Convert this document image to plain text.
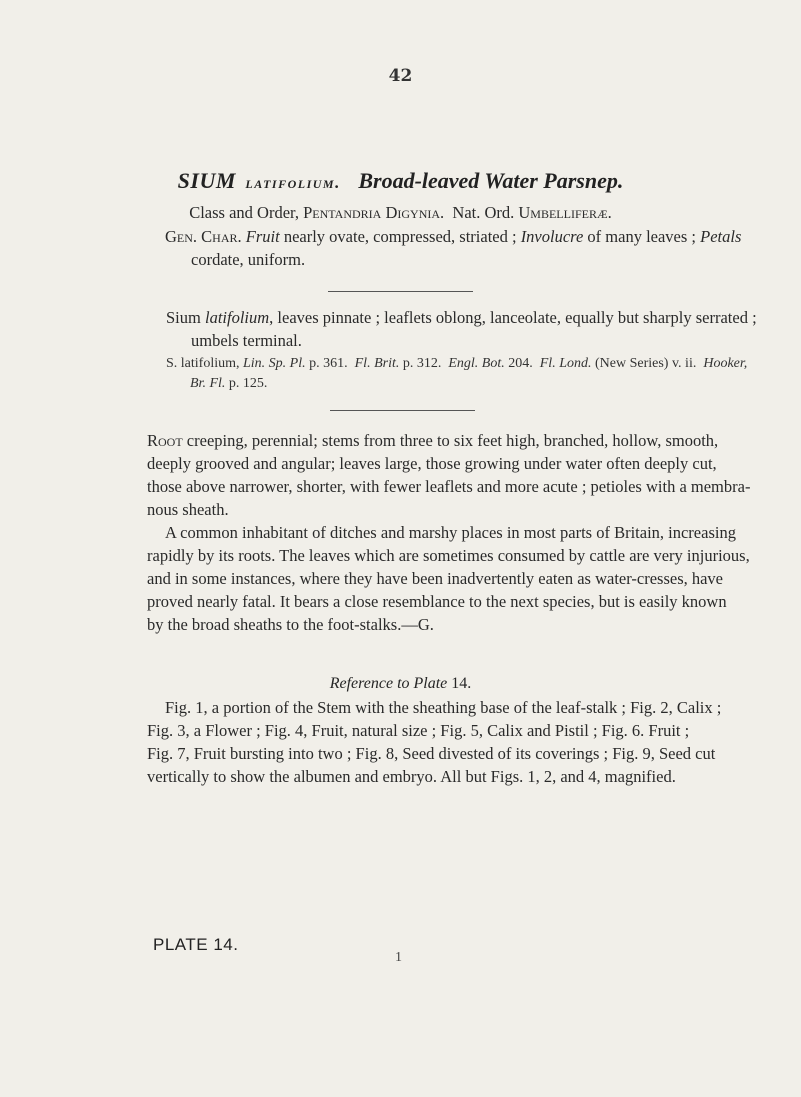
42
SIUM latifolium. Broad-leaved Water Parsnep.
Class and Order, Pentandria Digynia.  Nat. Ord. Umbelliferæ.
Gen. Char. Fruit nearly ovate, compressed, striated ; Involucre of many leaves ; Petals
cordate, uniform.
Sium latifolium, leaves pinnate ; leaflets oblong, lanceolate, equally but sharply serrated ;
umbels terminal.
S. latifolium, Lin. Sp. Pl. p. 361.  Fl. Brit. p. 312.  Engl. Bot. 204.  Fl. Lond. (New Series) v. ii.  Hooker,
Br. Fl. p. 125.
Root creeping, perennial; stems from three to six feet high, branched, hollow, smooth,
deeply grooved and angular; leaves large, those growing under water often deeply cut,
those above narrower, shorter, with fewer leaflets and more acute ; petioles with a membra-
nous sheath.
A common inhabitant of ditches and marshy places in most parts of Britain, increasing
rapidly by its roots. The leaves which are sometimes consumed by cattle are very injurious,
and in some instances, where they have been inadvertently eaten as water-cresses, have
proved nearly fatal. It bears a close resemblance to the next species, but is easily known
by the broad sheaths to the foot-stalks.—G.
Reference to Plate 14.
Fig. 1, a portion of the Stem with the sheathing base of the leaf-stalk ; Fig. 2, Calix ;
Fig. 3, a Flower ; Fig. 4, Fruit, natural size ; Fig. 5, Calix and Pistil ; Fig. 6. Fruit ;
Fig. 7, Fruit bursting into two ; Fig. 8, Seed divested of its coverings ; Fig. 9, Seed cut
vertically to show the albumen and embryo. All but Figs. 1, 2, and 4, magnified.
PLATE 14.
1
